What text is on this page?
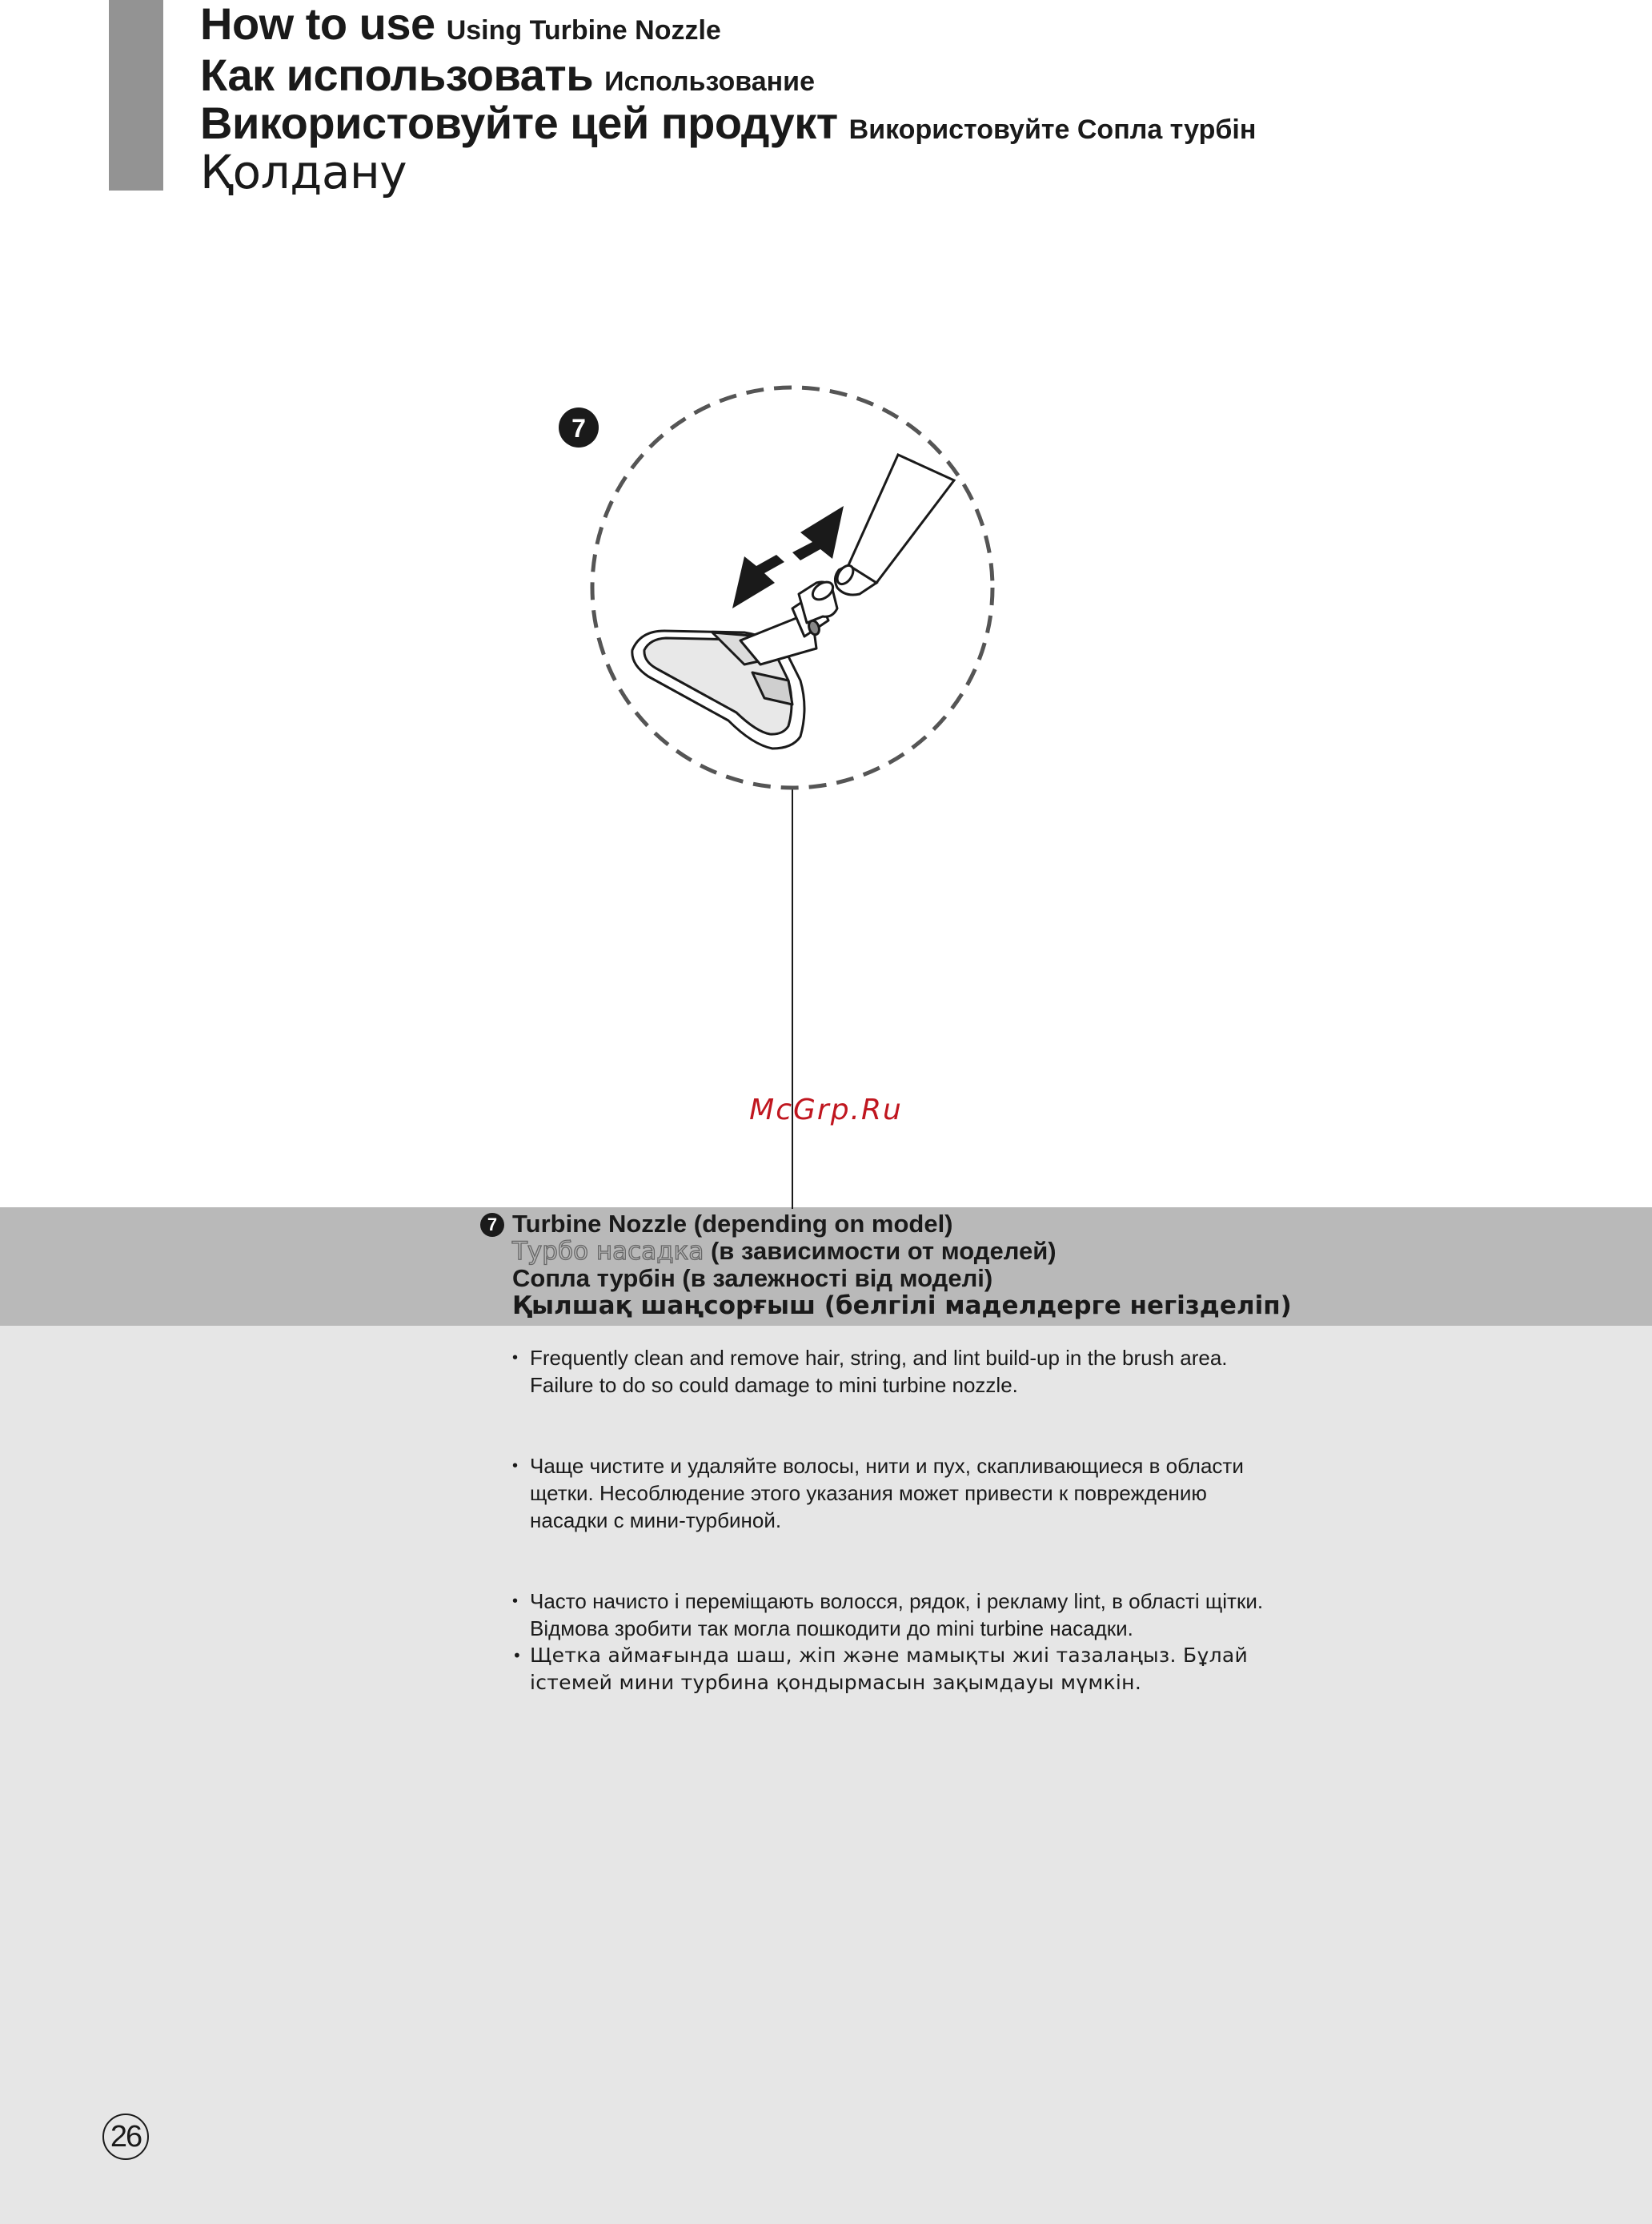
How to use Using Turbine Nozzle
Как использовать Использование
Використовуйте цей продукт Використовуйте Сопла турбін
Қолдану
7
McGrp.Ru
7 Turbine Nozzle (depending on model)
Турбо насадка (в зависимости от моделей)
Сопла турбін (в залежності від моделі)
Қылшақ шаңсорғыш (белгілі маделдерге негізделіп)
• Frequently clean and remove hair, string, and lint build-up in the brush area.
Failure to do so could damage to mini turbine nozzle.
• Чаще чистите и удаляйте волосы, нити и пух, скапливающиеся в области
щетки. Несоблюдение этого указания может привести к повреждению
насадки с мини-турбиной.
• Часто начисто і переміщають волосся, рядок, і рекламу lint, в області щітки.
Відмова зробити так могла пошкодити до mini turbine насадки.
• Щетка аймағында шаш, жіп және мамықты жиі тазалаңыз. Бұлай
істемей мини турбина қондырмасын зақымдауы мүмкін.
26
